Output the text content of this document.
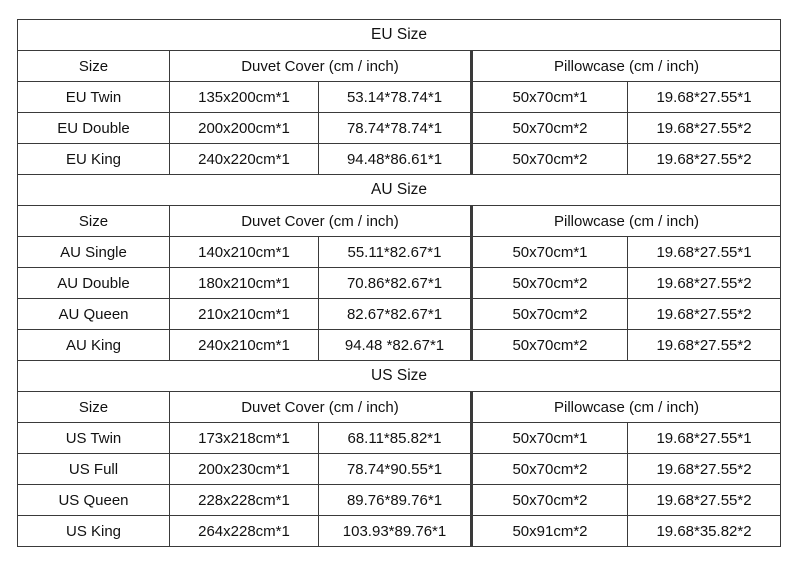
EU Size				
Size	Duvet Cover (cm / inch)		Pillowcase (cm / inch)	
EU Twin	135x200cm*1	53.14*78.74*1	50x70cm*1	19.68*27.55*1
EU Double	200x200cm*1	78.74*78.74*1	50x70cm*2	19.68*27.55*2
EU King	240x220cm*1	94.48*86.61*1	50x70cm*2	19.68*27.55*2
AU Size				
Size	Duvet Cover (cm / inch)		Pillowcase (cm / inch)	
AU Single	140x210cm*1	55.11*82.67*1	50x70cm*1	19.68*27.55*1
AU Double	180x210cm*1	70.86*82.67*1	50x70cm*2	19.68*27.55*2
AU Queen	210x210cm*1	82.67*82.67*1	50x70cm*2	19.68*27.55*2
AU King	240x210cm*1	94.48 *82.67*1	50x70cm*2	19.68*27.55*2
US Size				
Size	Duvet Cover (cm / inch)		Pillowcase (cm / inch)	
US Twin	173x218cm*1	68.11*85.82*1	50x70cm*1	19.68*27.55*1
US Full	200x230cm*1	78.74*90.55*1	50x70cm*2	19.68*27.55*2
US Queen	228x228cm*1	89.76*89.76*1	50x70cm*2	19.68*27.55*2
US King	264x228cm*1	103.93*89.76*1	50x91cm*2	19.68*35.82*2
